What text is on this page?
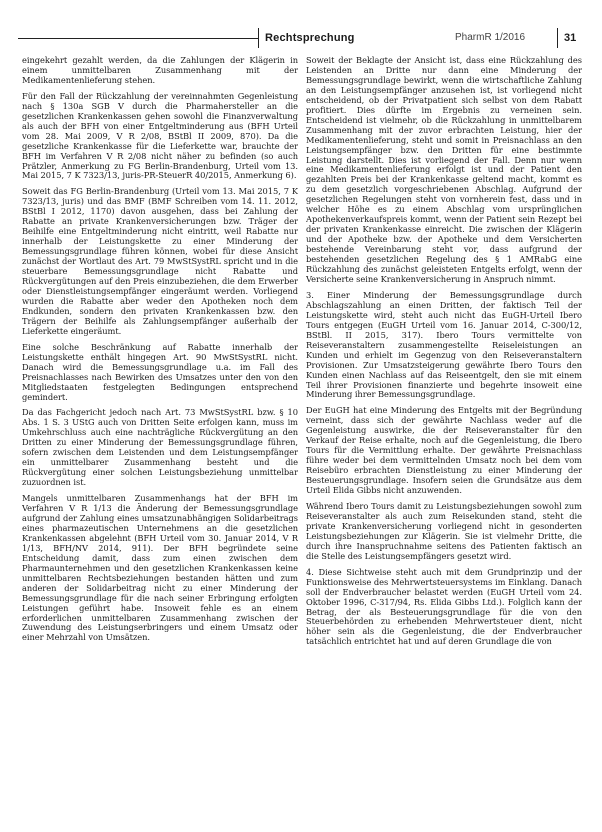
Rechtsprechung	PharmR 1/2016	31

eingekehrt gezahlt werden, da die Zahlungen der Klägerin in einem unmittelbaren Zusammenhang mit der Medikamentenlieferung stehen.

Für den Fall der Rückzahlung der vereinnahmten Gegenleistung nach § 130a SGB V durch die Pharmahersteller an die gesetzlichen Krankenkassen gehen sowohl die Finanzverwaltung als auch der BFH von einer Entgeltminderung aus (BFH Urteil vom 28. Mai 2009, V R 2/08, BStBl II 2009, 870). Da die gesetzliche Krankenkasse für die Lieferkette war, brauchte der BFH im Verfahren V R 2/08 nicht näher zu befinden (so auch Prätzler, Anmerkung zu FG Berlin-Brandenburg, Urteil vom 13. Mai 2015, 7 K 7323/13, juris-PR-SteuerR 40/2015, Anmerkung 6).

Soweit das FG Berlin-Brandenburg (Urteil vom 13. Mai 2015, 7 K 7323/13, juris) und das BMF (BMF Schreiben vom 14. 11. 2012, BStBl I 2012, 1170) davon ausgehen, dass bei Zahlung der Rabatte an private Krankenversicherungen bzw. Träger der Beihilfe eine Entgeltminderung nicht eintritt, weil Rabatte nur innerhalb der Leistungskette zu einer Minderung der Bemessungsgrundlage führen können, wobei für diese Ansicht zunächst der Wortlaut des Art. 79 MwStSystRL spricht und in die steuerbare Bemessungsgrundlage nicht Rabatte und Rückvergütungen auf den Preis einzubeziehen, die dem Erwerber oder Dienstleistungsempfänger eingeräumt werden. Vorliegend wurden die Rabatte aber weder den Apotheken noch dem Endkunden, sondern den privaten Krankenkassen bzw. den Trägern der Beihilfe als Zahlungsempfänger außerhalb der Lieferkette eingeräumt.

Eine solche Beschränkung auf Rabatte innerhalb der Leistungskette enthält hingegen Art. 90 MwStSystRL nicht. Danach wird die Bemessungsgrundlage u.a. im Fall des Preisnachlasses nach Bewirken des Umsatzes unter den von den Mitgliedstaaten festgelegten Bedingungen entsprechend gemindert.

Da das Fachgericht jedoch nach Art. 73 MwStSystRL bzw. § 10 Abs. 1 S. 3 UStG auch von Dritten Seite erfolgen kann, muss im Umkehrschluss auch eine nachträgliche Rückvergütung an den Dritten zu einer Minderung der Bemessungsgrundlage führen, sofern zwischen dem Leistenden und dem Leistungsempfänger ein unmittelbarer Zusammenhang besteht und die Rückvergütung einer solchen Leistungsbeziehung unmittelbar zuzuordnen ist.

Mangels unmittelbaren Zusammenhangs hat der BFH im Verfahren V R 1/13 die Änderung der Bemessungsgrundlage aufgrund der Zahlung eines umsatzunabhängigen Solidarbeitrags eines pharmazeutischen Unternehmens an die gesetzlichen Krankenkassen abgelehnt (BFH Urteil vom 30. Januar 2014, V R 1/13, BFH/NV 2014, 911). Der BFH begründete seine Entscheidung damit, dass zum einen zwischen dem Pharmaunternehmen und den gesetzlichen Krankenkassen keine unmittelbaren Rechtsbeziehungen bestanden hätten und zum anderen der Solidarbeitrag nicht zu einer Minderung der Bemessungsgrundlage für die nach seiner Erbringung erfolgten Leistungen geführt habe. Insoweit fehle es an einem erforderlichen unmittelbaren Zusammenhang zwischen der Zuwendung des Leistungserbringers und einem Umsatz oder einer Mehrzahl von Umsätzen.

Soweit der Beklagte der Ansicht ist, dass eine Rückzahlung des Leistenden an Dritte nur dann eine Minderung der Bemessungsgrundlage bewirkt, wenn die wirtschaftliche Zahlung an den Leistungsempfänger anzusehen ist, ist vorliegend nicht entscheidend, ob der Privatpatient sich selbst von dem Rabatt profitiert. Dies dürfte im Ergebnis zu verneinen sein. Entscheidend ist vielmehr, ob die Rückzahlung in unmittelbarem Zusammenhang mit der zuvor erbrachten Leistung, hier der Medikamentenlieferung, steht und somit in Preisnachlass an den Leistungsempfänger bzw. den Dritten für eine bestimmte Leistung darstellt. Dies ist vorliegend der Fall. Denn nur wenn eine Medikamentenlieferung erfolgt ist und der Patient den gezahlten Preis bei der Krankenkasse geltend macht, kommt es zu dem gesetzlich vorgeschriebenen Abschlag. Aufgrund der gesetzlichen Regelungen steht von vornherein fest, dass und in welcher Höhe es zu einem Abschlag vom ursprünglichen Apothekenverkaufspreis kommt, wenn der Patient sein Rezept bei der privaten Krankenkasse einreicht. Die zwischen der Klägerin und der Apotheke bzw. der Apotheke und dem Versicherten bestehende Vereinbarung steht vor, dass aufgrund der bestehenden gesetzlichen Regelung des § 1 AMRabG eine Rückzahlung des zunächst geleisteten Entgelts erfolgt, wenn der Versicherte seine Krankenversicherung in Anspruch nimmt.

3. Einer Minderung der Bemessungsgrundlage durch Abschlagszahlung an einen Dritten, der faktisch Teil der Leistungskette wird, steht auch nicht das EuGH-Urteil Ibero Tours entgegen (EuGH Urteil vom 16. Januar 2014, C-300/12, BStBl. II 2015, 317). Ibero Tours vermittelte von Reiseveranstaltern zusammengestellte Reiseleistungen an Kunden und erhielt im Gegenzug von den Reiseveranstaltern Provisionen. Zur Umsatzsteigerung gewährte Ibero Tours den Kunden einen Nachlass auf das Reiseentgelt, den sie mit einem Teil ihrer Provisionen finanzierte und begehrte insoweit eine Minderung ihrer Bemessungsgrundlage.

Der EuGH hat eine Minderung des Entgelts mit der Begründung verneint, dass sich der gewährte Nachlass weder auf die Gegenleistung auswirke, die der Reiseveranstalter für den Verkauf der Reise erhalte, noch auf die Gegenleistung, die Ibero Tours für die Vermittlung erhalte. Der gewährte Preisnachlass führe weder bei dem vermittelnden Umsatz noch bei dem vom Reisebüro erbrachten Dienstleistung zu einer Minderung der Besteuerungsgrundlage. Insofern seien die Grundsätze aus dem Urteil Elida Gibbs nicht anzuwenden.

Während Ibero Tours damit zu Leistungsbeziehungen sowohl zum Reiseveranstalter als auch zum Reisekunden stand, steht die private Krankenversicherung vorliegend nicht in gesonderten Leistungsbeziehungen zur Klägerin. Sie ist vielmehr Dritte, die durch ihre Inanspruchnahme seitens des Patienten faktisch an die Stelle des Leistungsempfängers gesetzt wird.

4. Diese Sichtweise steht auch mit dem Grundprinzip und der Funktionsweise des Mehrwertsteuersystems im Einklang. Danach soll der Endverbraucher belastet werden (EuGH Urteil vom 24. Oktober 1996, C-317/94, Rs. Elida Gibbs Ltd.). Folglich kann der Betrag, der als Besteuerungsgrundlage für die von den Steuerbehörden zu erhebenden Mehrwertsteuer dient, nicht höher sein als die Gegenleistung, die der Endverbraucher tatsächlich entrichtet hat und auf deren Grundlage die von
